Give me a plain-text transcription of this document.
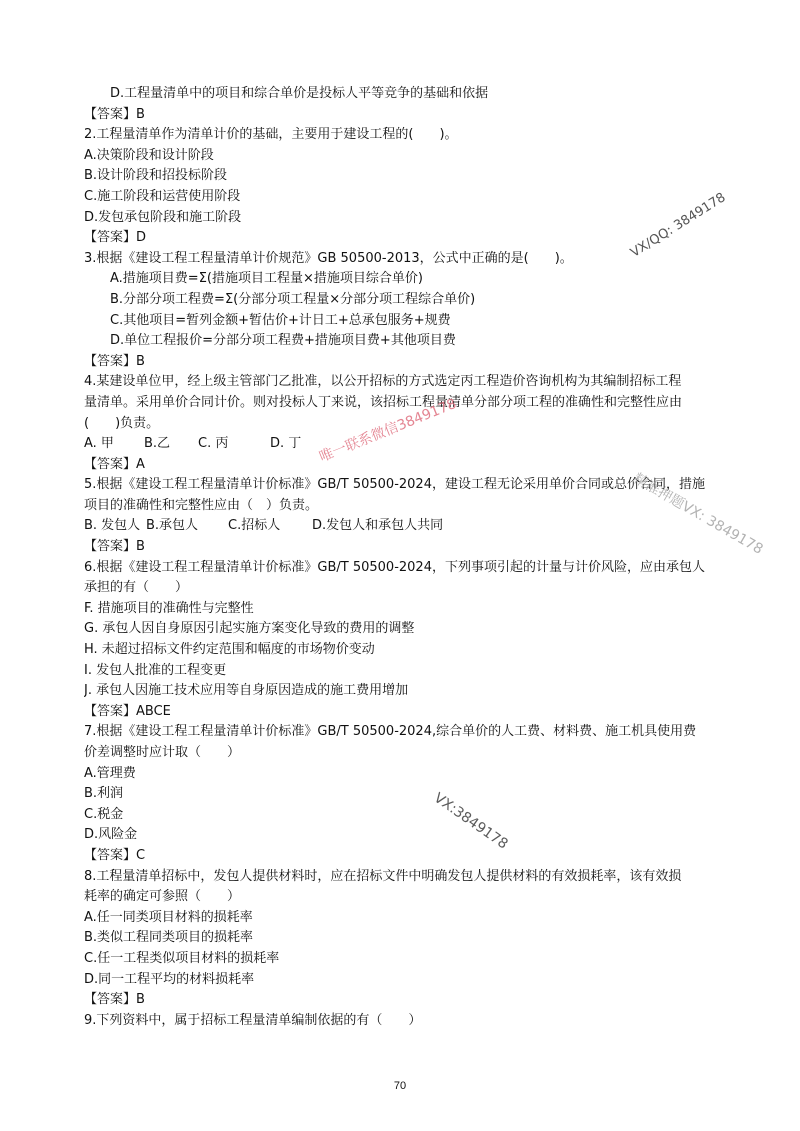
D.工程量清单中的项目和综合单价是投标人平等竞争的基础和依据
【答案】B
2.工程量清单作为清单计价的基础，主要用于建设工程的(　　)。
A.决策阶段和设计阶段
B.设计阶段和招投标阶段
C.施工阶段和运营使用阶段
D.发包承包阶段和施工阶段
【答案】D
3.根据《建设工程工程量清单计价规范》GB 50500-2013，公式中正确的是(　　)。
A.措施项目费=Σ(措施项目工程量×措施项目综合单价)
B.分部分项工程费=Σ(分部分项工程量×分部分项工程综合单价)
C.其他项目=暂列金额+暂估价+计日工+总承包服务+规费
D.单位工程报价=分部分项工程费+措施项目费+其他项目费
【答案】B
4.某建设单位甲，经上级主管部门乙批准，以公开招标的方式选定丙工程造价咨询机构为其编制招标工程
量清单。采用单价合同计价。则对投标人丁来说，该招标工程量清单分部分项工程的准确性和完整性应由
(　　)负责。
A. 甲 B.乙 C. 丙	D. 丁
【答案】A
5.根据《建设工程工程量清单计价标准》GB/T 50500-2024，建设工程无论采用单价合同或总价合同，措施
项目的准确性和完整性应由（　）负责。
B. 发包人 B.承包人 C.招标人 D.发包人和承包人共同
【答案】B
6.根据《建设工程工程量清单计价标准》GB/T 50500-2024，下列事项引起的计量与计价风险，应由承包人
承担的有（　　）
F. 措施项目的准确性与完整性
G. 承包人因自身原因引起实施方案变化导致的费用的调整
H. 未超过招标文件约定范围和幅度的市场物价变动
I. 发包人批准的工程变更
J. 承包人因施工技术应用等自身原因造成的施工费用增加
【答案】ABCE
7.根据《建设工程工程量清单计价标准》GB/T 50500-2024,综合单价的人工费、材料费、施工机具使用费
价差调整时应计取（　　）
A.管理费
B.利润
C.税金
D.风险金
【答案】C
8.工程量清单招标中，发包人提供材料时，应在招标文件中明确发包人提供材料的有效损耗率，该有效损
耗率的确定可参照（　　）
A.任一同类项目材料的损耗率
B.类似工程同类项目的损耗率
C.任一工程类似项目材料的损耗率
D.同一工程平均的材料损耗率
【答案】B
9.下列资料中，属于招标工程量清单编制依据的有（　　）
70
VX/QQ: 3849178
唯一联系微信3849178
精准押题VX: 3849178
VX:3849178
